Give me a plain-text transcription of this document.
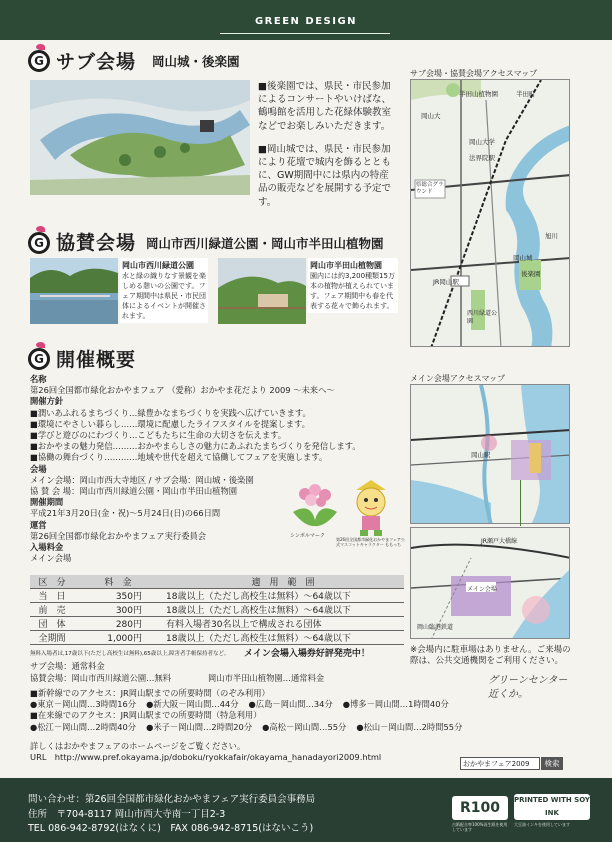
GREEN DESIGN
G サブ会場 岡山城・後楽園

■後楽園では、県民・市民参加によるコンサートやいけばな、鶴鳴館を活用した花緑体験教室などでお楽しみいただきます。

■岡山城では、県民・市民参加により花壇で城内を飾るとともに、GW期間中には県内の特産品の販売などを展開する予定です。

サブ会場・協賛会場アクセスマップ
半田山植物園
岡山大学
法界院駅
岡山大
半田町
県総合グラウンド
JR岡山駅
岡山城
後楽園
西川緑道公園
旭川
G 協賛会場 岡山市西川緑道公園・岡山市半田山植物園
岡山市西川緑道公園
水と緑の織りなす景観を楽しめる憩いの公園です。フェア期間中は県民・市民団体によるイベントが開催されます。
岡山市半田山植物園
園内には約3,200種類15万本の植物が植えられています。フェア期間中も春を代表する花々で飾られます。
G 開催概要
名称
第26回全国都市緑化おかやまフェア （愛称）おかやま花だより 2009 ～未来へ～
開催方針
■潤いあふれるまちづくり…緑豊かなまちづくりを実践へ広げていきます。
■環境にやさしい暮らし……環境に配慮したライフスタイルを提案します。
■学びと遊びのにわづくり…こどもたちに生命の大切さを伝えます。
■おかやまの魅力発信………おかやまらしさの魅力にあふれたまちづくりを発信します。
■協働の舞台づくり…………地域や世代を超えて協働してフェアを実施します。
会場
メイン会場：岡山市西大寺地区 / サブ会場：岡山城・後楽園
協 賛 会 場：岡山市西川緑道公園・岡山市半田山植物園
開催期間
平成21年3月20日(金・祝)～5月24日(日)の66日間
運営
第26回全国都市緑化おかやまフェア実行委員会
入場料金
メイン会場
シンボルマーク
第26回全国都市緑化おかやまフェア公式マスコットキャラクター ももっち
区　分	料　金	適　用　範　囲
当　日	350円	18歳以上（ただし高校生は無料）～64歳以下
前　売	300円	18歳以上（ただし高校生は無料）～64歳以下
団　体	280円	有料入場者30名以上で構成される団体
全期間	1,000円	18歳以上（ただし高校生は無料）～64歳以下
無料入場者は,17歳以下(ただし高校生は無料),65歳以上,障害者手帳保持者など。 メイン会場入場券好評発売中！
サブ会場：通常料金
協賛会場：岡山市西川緑道公園…無料	岡山市半田山植物園…通常料金
■新幹線でのアクセス：JR岡山駅までの所要時間（のぞみ利用）
●東京－岡山間…3時間16分 ●新大阪－岡山間…44分 ●広島－岡山間…34分 ●博多－岡山間…1時間40分
■在来線でのアクセス：JR岡山駅までの所要時間（特急利用）
●松江－岡山間…2時間40分 ●米子－岡山間…2時間20分 ●高松－岡山間…55分 ●松山－岡山間…2時間55分
詳しくはおかやまフェアのホームページをご覧ください。
URL　 http://www.pref.okayama.jp/doboku/ryokkafair/okayama_hanadayori2009.html
おかやまフェア2009	検索
メイン会場アクセスマップ
岡山駅
メイン会場
JR瀬戸大橋線
岡山臨港鉄道
※会場内に駐車場はありません。ご来場の際は、公共交通機関をご利用ください。
グリーンセンター 近くか。
問い合わせ：第26回全国都市緑化おかやまフェア実行委員会事務局
住所　〒704-8117 岡山市西大寺南一丁目2-3
TEL 086-942-8792(はなくに)　FAX 086-942-8715(はないこう)
R100
古紙配合率100%再生紙を使用しています
PRINTED WITH SOY INK
大豆油インキを使用しています
